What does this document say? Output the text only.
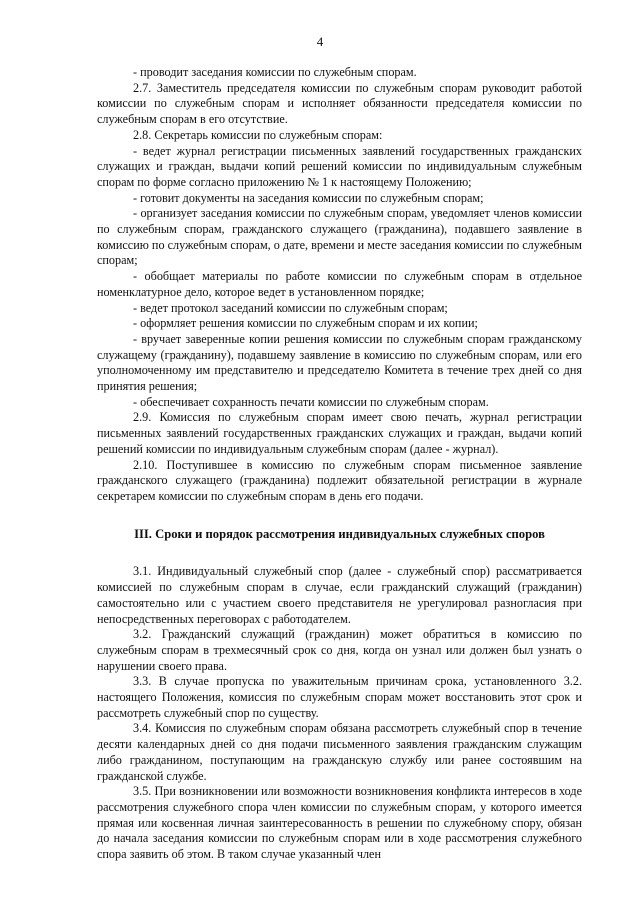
4

- проводит заседания комиссии по служебным спорам.

2.7. Заместитель председателя комиссии по служебным спорам руководит работой комиссии по служебным спорам и исполняет обязанности председателя комиссии по служебным спорам в его отсутствие.

2.8. Секретарь комиссии по служебным спорам:

- ведет журнал регистрации письменных заявлений государственных гражданских служащих и граждан, выдачи копий решений комиссии по индивидуальным служебным спорам по форме согласно приложению № 1 к настоящему Положению;

- готовит документы на заседания комиссии по служебным спорам;

- организует заседания комиссии по служебным спорам, уведомляет членов комиссии по служебным спорам, гражданского служащего (гражданина), подавшего заявление в комиссию по служебным спорам, о дате, времени и месте заседания комиссии по служебным спорам;

- обобщает материалы по работе комиссии по служебным спорам в отдельное номенклатурное дело, которое ведет в установленном порядке;

- ведет протокол заседаний комиссии по служебным спорам;

- оформляет решения комиссии по служебным спорам и их копии;

- вручает заверенные копии решения комиссии по служебным спорам гражданскому служащему (гражданину), подавшему заявление в комиссию по служебным спорам, или его уполномоченному им представителю и председателю Комитета в течение трех дней со дня принятия решения;

- обеспечивает сохранность печати комиссии по служебным спорам.

2.9. Комиссия по служебным спорам имеет свою печать, журнал регистрации письменных заявлений государственных гражданских служащих и граждан, выдачи копий решений комиссии по индивидуальным служебным спорам (далее - журнал).

2.10. Поступившее в комиссию по служебным спорам письменное заявление гражданского служащего (гражданина) подлежит обязательной регистрации в журнале секретарем комиссии по служебным спорам в день его подачи.

III. Сроки и порядок рассмотрения индивидуальных служебных споров

3.1. Индивидуальный служебный спор (далее - служебный спор) рассматривается комиссией по служебным спорам в случае, если гражданский служащий (гражданин) самостоятельно или с участием своего представителя не урегулировал разногласия при непосредственных переговорах с работодателем.

3.2. Гражданский служащий (гражданин) может обратиться в комиссию по служебным спорам в трехмесячный срок со дня, когда он узнал или должен был узнать о нарушении своего права.

3.3. В случае пропуска по уважительным причинам срока, установленного 3.2. настоящего Положения, комиссия по служебным спорам может восстановить этот срок и рассмотреть служебный спор по существу.

3.4. Комиссия по служебным спорам обязана рассмотреть служебный спор в течение десяти календарных дней со дня подачи письменного заявления гражданским служащим либо гражданином, поступающим на гражданскую службу или ранее состоявшим на гражданской службе.

3.5. При возникновении или возможности возникновения конфликта интересов в ходе рассмотрения служебного спора член комиссии по служебным спорам, у которого имеется прямая или косвенная личная заинтересованность в решении по служебному спору, обязан до начала заседания комиссии по служебным спорам или в ходе рассмотрения служебного спора заявить об этом. В таком случае указанный член
